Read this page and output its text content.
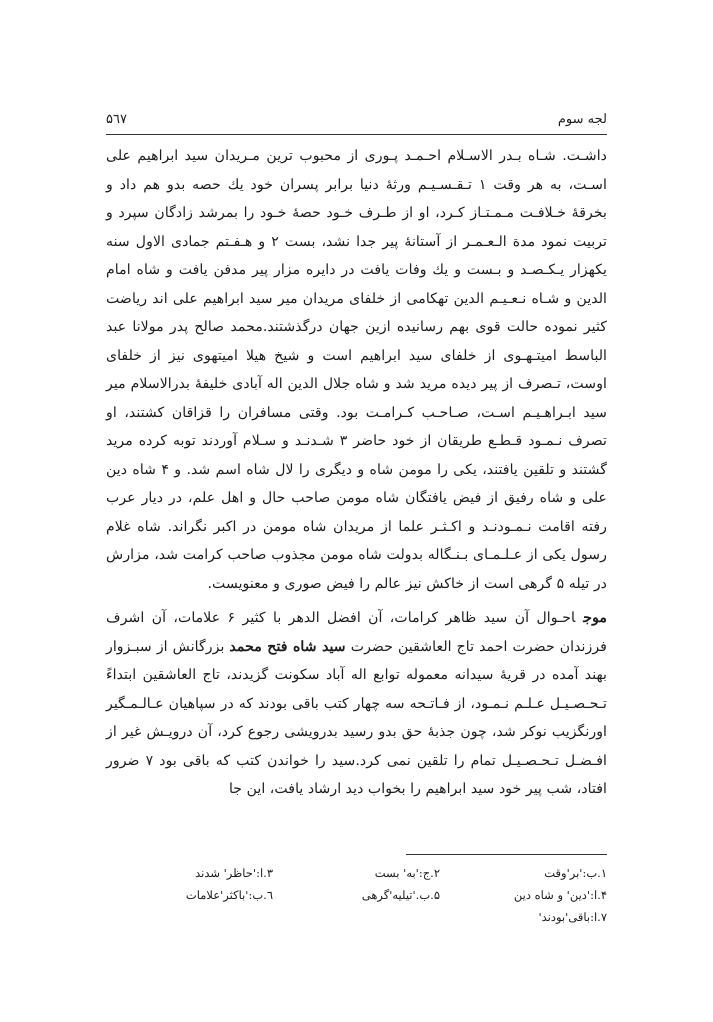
لجه سوم
۵٦۷

داشـت. شـاه بـدر الاسـلام احـمـد پـوری از محبوب ترین مـریدان سید ابراهیم علی اسـت، به هر وقت ۱ تـقـسـیـم ورثهٔ دنیا برابر پسران خود یك حصه بدو هم داد و بخرقهٔ خـلافـت مـمـتـاز کـرد، او از طـرف خـود حصهٔ خـود را بمرشد زادگان سپرد و تربیت نمود مدة الـعـمـر از آستانهٔ پیر جدا نشد، بست ۲ و هـفـتم جمادی الاول سنه یکهزار یـکـصـد و بـست و یك وفات یافت در دایره مزار پیر مدفن یافت و شاه امام الدین و شـاه نـعـیـم الدین تهکامی از خلفای مریدان میر سید ابراهیم علی اند ریاضت کثیر نموده حالت قوی بهم رسانیده ازین جهان درگذشتند.محمد صالح پدر مولانا عبد الباسط امیتـهـوی از خلفای سید ابراهیم است و شیخ هیلا امیتهوی نیز از خلفای اوست، تـصرف از پیر دیده مرید شد و شاه جلال الدین اله آبادی خلیفهٔ بدرالاسلام میر سید ابـراهـیـم اسـت، صـاحـب کـرامـت بود. وقتی مسافران را قزاقان کشتند، او تصرف نـمـود قـطـع طریقان از خود حاضر ۳ شـدنـد و سـلام آوردند توبه کرده مرید گشتند و تلقین یافتند، یکی را مومن شاه و دیگری را لال شاه اسم شد. و ۴ شاه دین علی و شاه رفیق از فیض یافتگان شاه مومن صاحب حال و اهل علم، در دیار عرب رفته اقامت نـمـودنـد و اکـثـر علما از مریدان شاه مومن در اکبر نگراند. شاه غلام رسول یکی از عـلـمـای بـنـگاله بدولت شاه مومن مجذوب صاحب کرامت شد، مزارش در تیله ۵ گرهی است از خاکش نیز عالم را فیض صوری و معنویست.

موجاحـوال آن سید ظاهر کرامات، آن افضل الدهر با کثیر ۶ علامات، آن اشرف فرزندان حضرت احمد تاج العاشقین حضرت سید شاه فتح محمد بزرگانش از سبـزوار بهند آمده در قریهٔ سیدانه معموله توابع اله آباد سکونت گزیدند، تاج العاشقین ابتداءً تـحـصـیـل عـلـم نـمـود، از فـاتـحه سه چهار کتب باقی بودند که در سپاهیان عـالـمـگیر اورنگزیب نوکر شد، چون جذبهٔ حق بدو رسید بدرویشی رجوع کرد، آن درویـش غیر از افـضـل تـحـصـیـل تمام را تلقین نمی کرد.سید را خواندن کتب که باقی بود ۷ ضرور افتاد، شب پیر خود سید ابراهیم را بخواب دید ارشاد یافت، این جا

۱.ب:'بر'وقت
۲.ج:'به' بست
۳.ا:'حاظر' شدند
۴.ا:'دین' و شاه دین
۵.ب.'تیلیه'گرهی
٦.ب:'باکثر'علامات
۷.ا:باقی'بودند'
